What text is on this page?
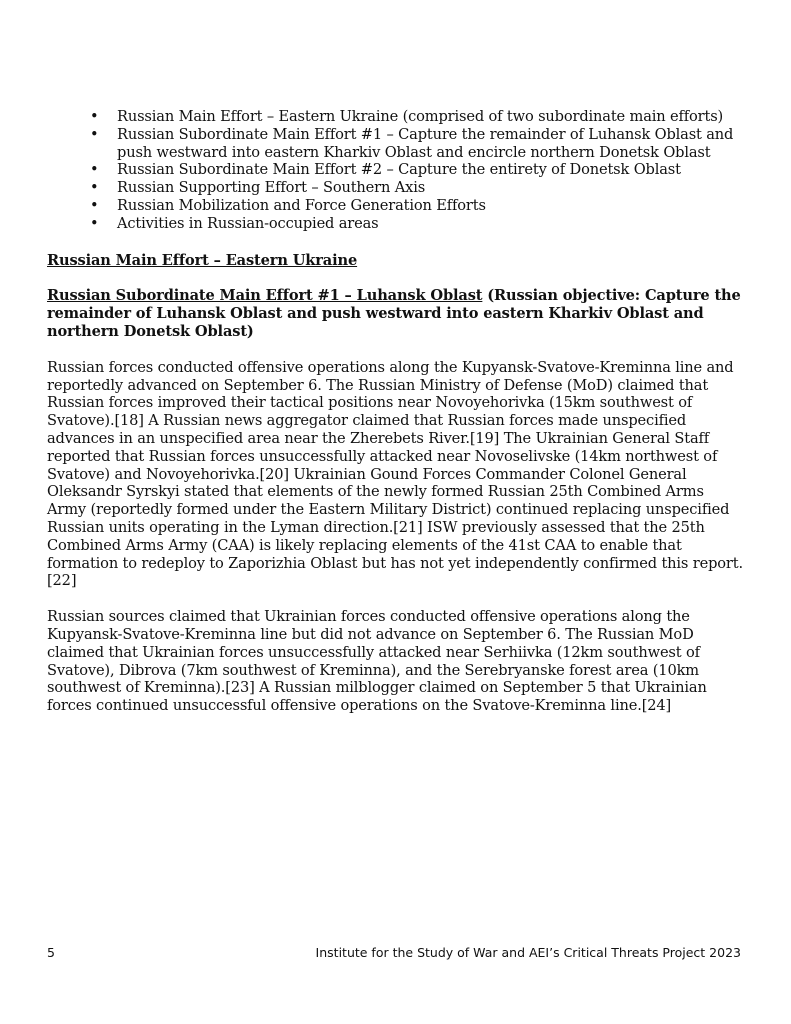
• Russian Main Effort – Eastern Ukraine (comprised of two subordinate main efforts)
• Russian Subordinate Main Effort #1 – Capture the remainder of Luhansk Oblast and push westward into eastern Kharkiv Oblast and encircle northern Donetsk Oblast
• Russian Subordinate Main Effort #2 – Capture the entirety of Donetsk Oblast
• Russian Supporting Effort – Southern Axis
• Russian Mobilization and Force Generation Efforts
• Activities in Russian-occupied areas

Russian Main Effort – Eastern Ukraine

Russian Subordinate Main Effort #1 – Luhansk Oblast (Russian objective: Capture the remainder of Luhansk Oblast and push westward into eastern Kharkiv Oblast and northern Donetsk Oblast)

Russian forces conducted offensive operations along the Kupyansk-Svatove-Kreminna line and reportedly advanced on September 6. The Russian Ministry of Defense (MoD) claimed that Russian forces improved their tactical positions near Novoyehorivka (15km southwest of Svatove).[18] A Russian news aggregator claimed that Russian forces made unspecified advances in an unspecified area near the Zherebets River.[19] The Ukrainian General Staff reported that Russian forces unsuccessfully attacked near Novoselivske (14km northwest of Svatove) and Novoyehorivka.[20] Ukrainian Gound Forces Commander Colonel General Oleksandr Syrskyi stated that elements of the newly formed Russian 25th Combined Arms Army (reportedly formed under the Eastern Military District) continued replacing unspecified Russian units operating in the Lyman direction.[21] ISW previously assessed that the 25th Combined Arms Army (CAA) is likely replacing elements of the 41st CAA to enable that formation to redeploy to Zaporizhia Oblast but has not yet independently confirmed this report.[22]

Russian sources claimed that Ukrainian forces conducted offensive operations along the Kupyansk-Svatove-Kreminna line but did not advance on September 6. The Russian MoD claimed that Ukrainian forces unsuccessfully attacked near Serhiivka (12km southwest of Svatove), Dibrova (7km southwest of Kreminna), and the Serebryanske forest area (10km southwest of Kreminna).[23] A Russian milblogger claimed on September 5 that Ukrainian forces continued unsuccessful offensive operations on the Svatove-Kreminna line.[24]

5	Institute for the Study of War and AEI’s Critical Threats Project 2023
